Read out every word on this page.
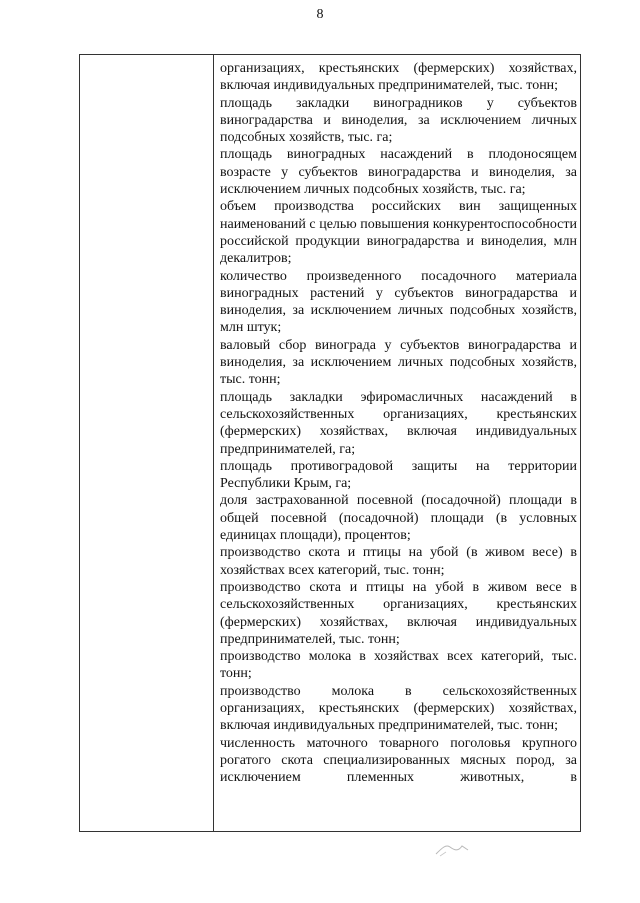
8

организациях, крестьянских (фермерских) хозяйствах, включая индивидуальных предпринимателей, тыс. тонн;

площадь закладки виноградников у субъектов виноградарства и виноделия, за исключением личных подсобных хозяйств, тыс. га;

площадь виноградных насаждений в плодоносящем возрасте у субъектов виноградарства и виноделия, за исключением личных подсобных хозяйств, тыс. га;

объем производства российских вин защищенных наименований с целью повышения конкурентоспособности российской продукции виноградарства и виноделия, млн декалитров;

количество произведенного посадочного материала виноградных растений у субъектов виноградарства и виноделия, за исключением личных подсобных хозяйств, млн штук;

валовый сбор винограда у субъектов виноградарства и виноделия, за исключением личных подсобных хозяйств, тыс. тонн;

площадь закладки эфиромасличных насаждений в сельскохозяйственных организациях, крестьянских (фермерских) хозяйствах, включая индивидуальных предпринимателей, га;

площадь противоградовой защиты на территории Республики Крым, га;

доля застрахованной посевной (посадочной) площади в общей посевной (посадочной) площади (в условных единицах площади), процентов;

производство скота и птицы на убой (в живом весе) в хозяйствах всех категорий, тыс. тонн;

производство скота и птицы на убой в живом весе в сельскохозяйственных организациях, крестьянских (фермерских) хозяйствах, включая индивидуальных предпринимателей, тыс. тонн;

производство молока в хозяйствах всех категорий, тыс. тонн;

производство молока в сельскохозяйственных организациях, крестьянских (фермерских) хозяйствах, включая индивидуальных предпринимателей, тыс. тонн;

численность маточного товарного поголовья крупного рогатого скота специализированных мясных пород, за исключением племенных животных, в
